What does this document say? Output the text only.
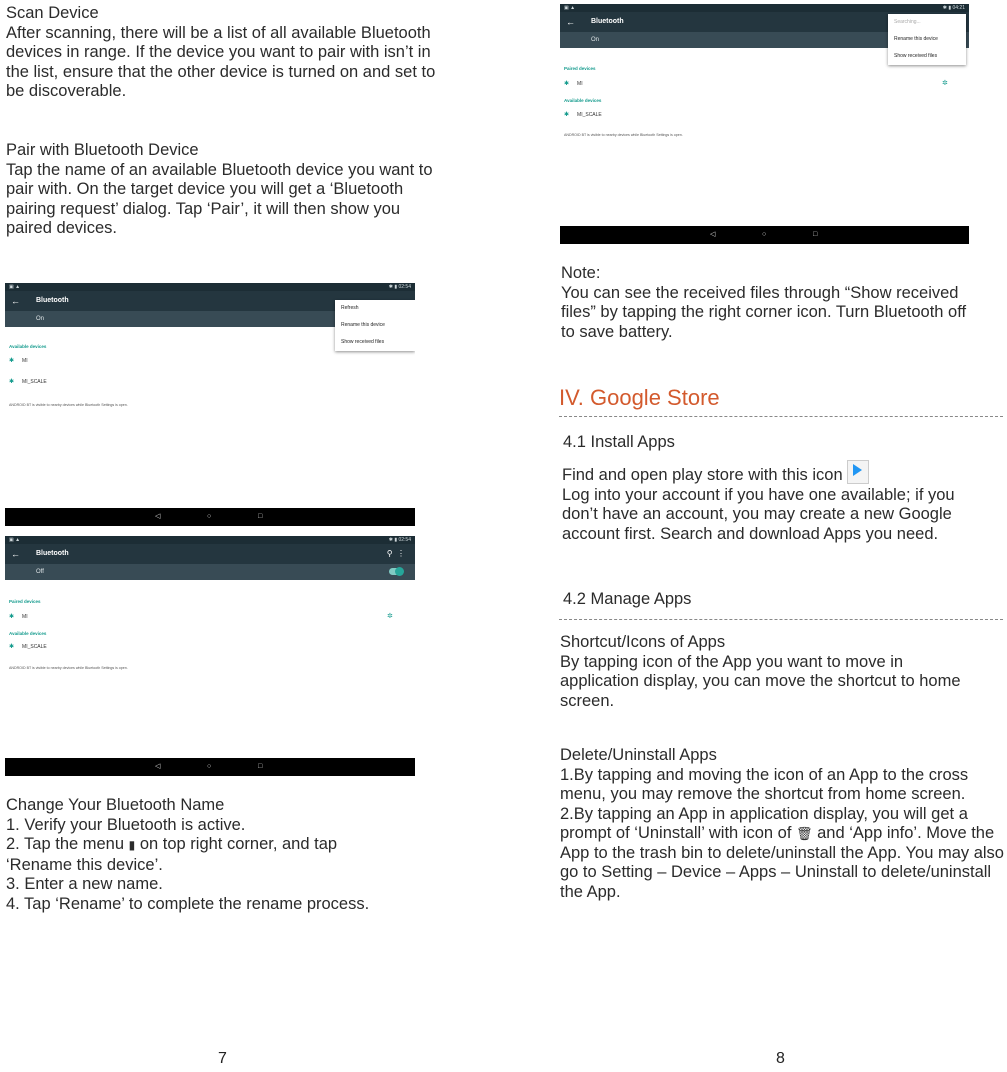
Scan Device

After scanning, there will be a list of all available Bluetooth devices in range. If the device you want to pair with isn’t in the list, ensure that the other device is turned on and set to be discoverable.

Pair with Bluetooth Device

Tap the name of an available Bluetooth device you want to pair with. On the target device you will get a ‘Bluetooth pairing request’ dialog. Tap ‘Pair’, it will then show you paired devices.

▣ ▲	✱ ▮ 02:54
← Bluetooth
On
Available devices
✱ MI
✱ MI_SCALE
ANDROID BT is visible to nearby devices while Bluetooth Settings is open.
Refresh
Rename this device
Show received files
◁	○	□
▣ ▲	✱ ▮ 02:54
← Bluetooth	⚲ ⋮
Off
Paired devices
✱ MI	✲
Available devices
✱ MI_SCALE
ANDROID BT is visible to nearby devices while Bluetooth Settings is open.
◁	○	□

Change Your Bluetooth Name

1. Verify your Bluetooth is active.

2. Tap the menu ▮ on top right corner, and tap

‘Rename this device’.

3. Enter a new name.

4. Tap ‘Rename’ to complete the rename process.

7
▣ ▲	✱ ▮ 04:21
← Bluetooth
On
Paired devices
✱ MI	✲
Available devices
✱ MI_SCALE
ANDROID BT is visible to nearby devices while Bluetooth Settings is open.
Searching...
Rename this device
Show received files
◁	○	□

Note:

You can see the received files through “Show received files” by tapping the right corner icon. Turn Bluetooth off to save battery.

IV. Google Store
4.1 Install Apps

Find and open play store with this icon

Log into your account if you have one available; if you don’t have an account, you may create a new Google account first. Search and download Apps you need.

4.2 Manage Apps

Shortcut/Icons of Apps

By tapping icon of the App you want to move in application display, you can move the shortcut to home screen.

Delete/Uninstall Apps

1.By tapping and moving the icon of an App to the cross menu, you may remove the shortcut from home screen.

2.By tapping an App in application display, you will get a prompt of ‘Uninstall’ with icon of 🗑 and ‘App info’. Move the App to the trash bin to delete/uninstall the App. You may also go to Setting – Device – Apps – Uninstall to delete/uninstall the App.

8
